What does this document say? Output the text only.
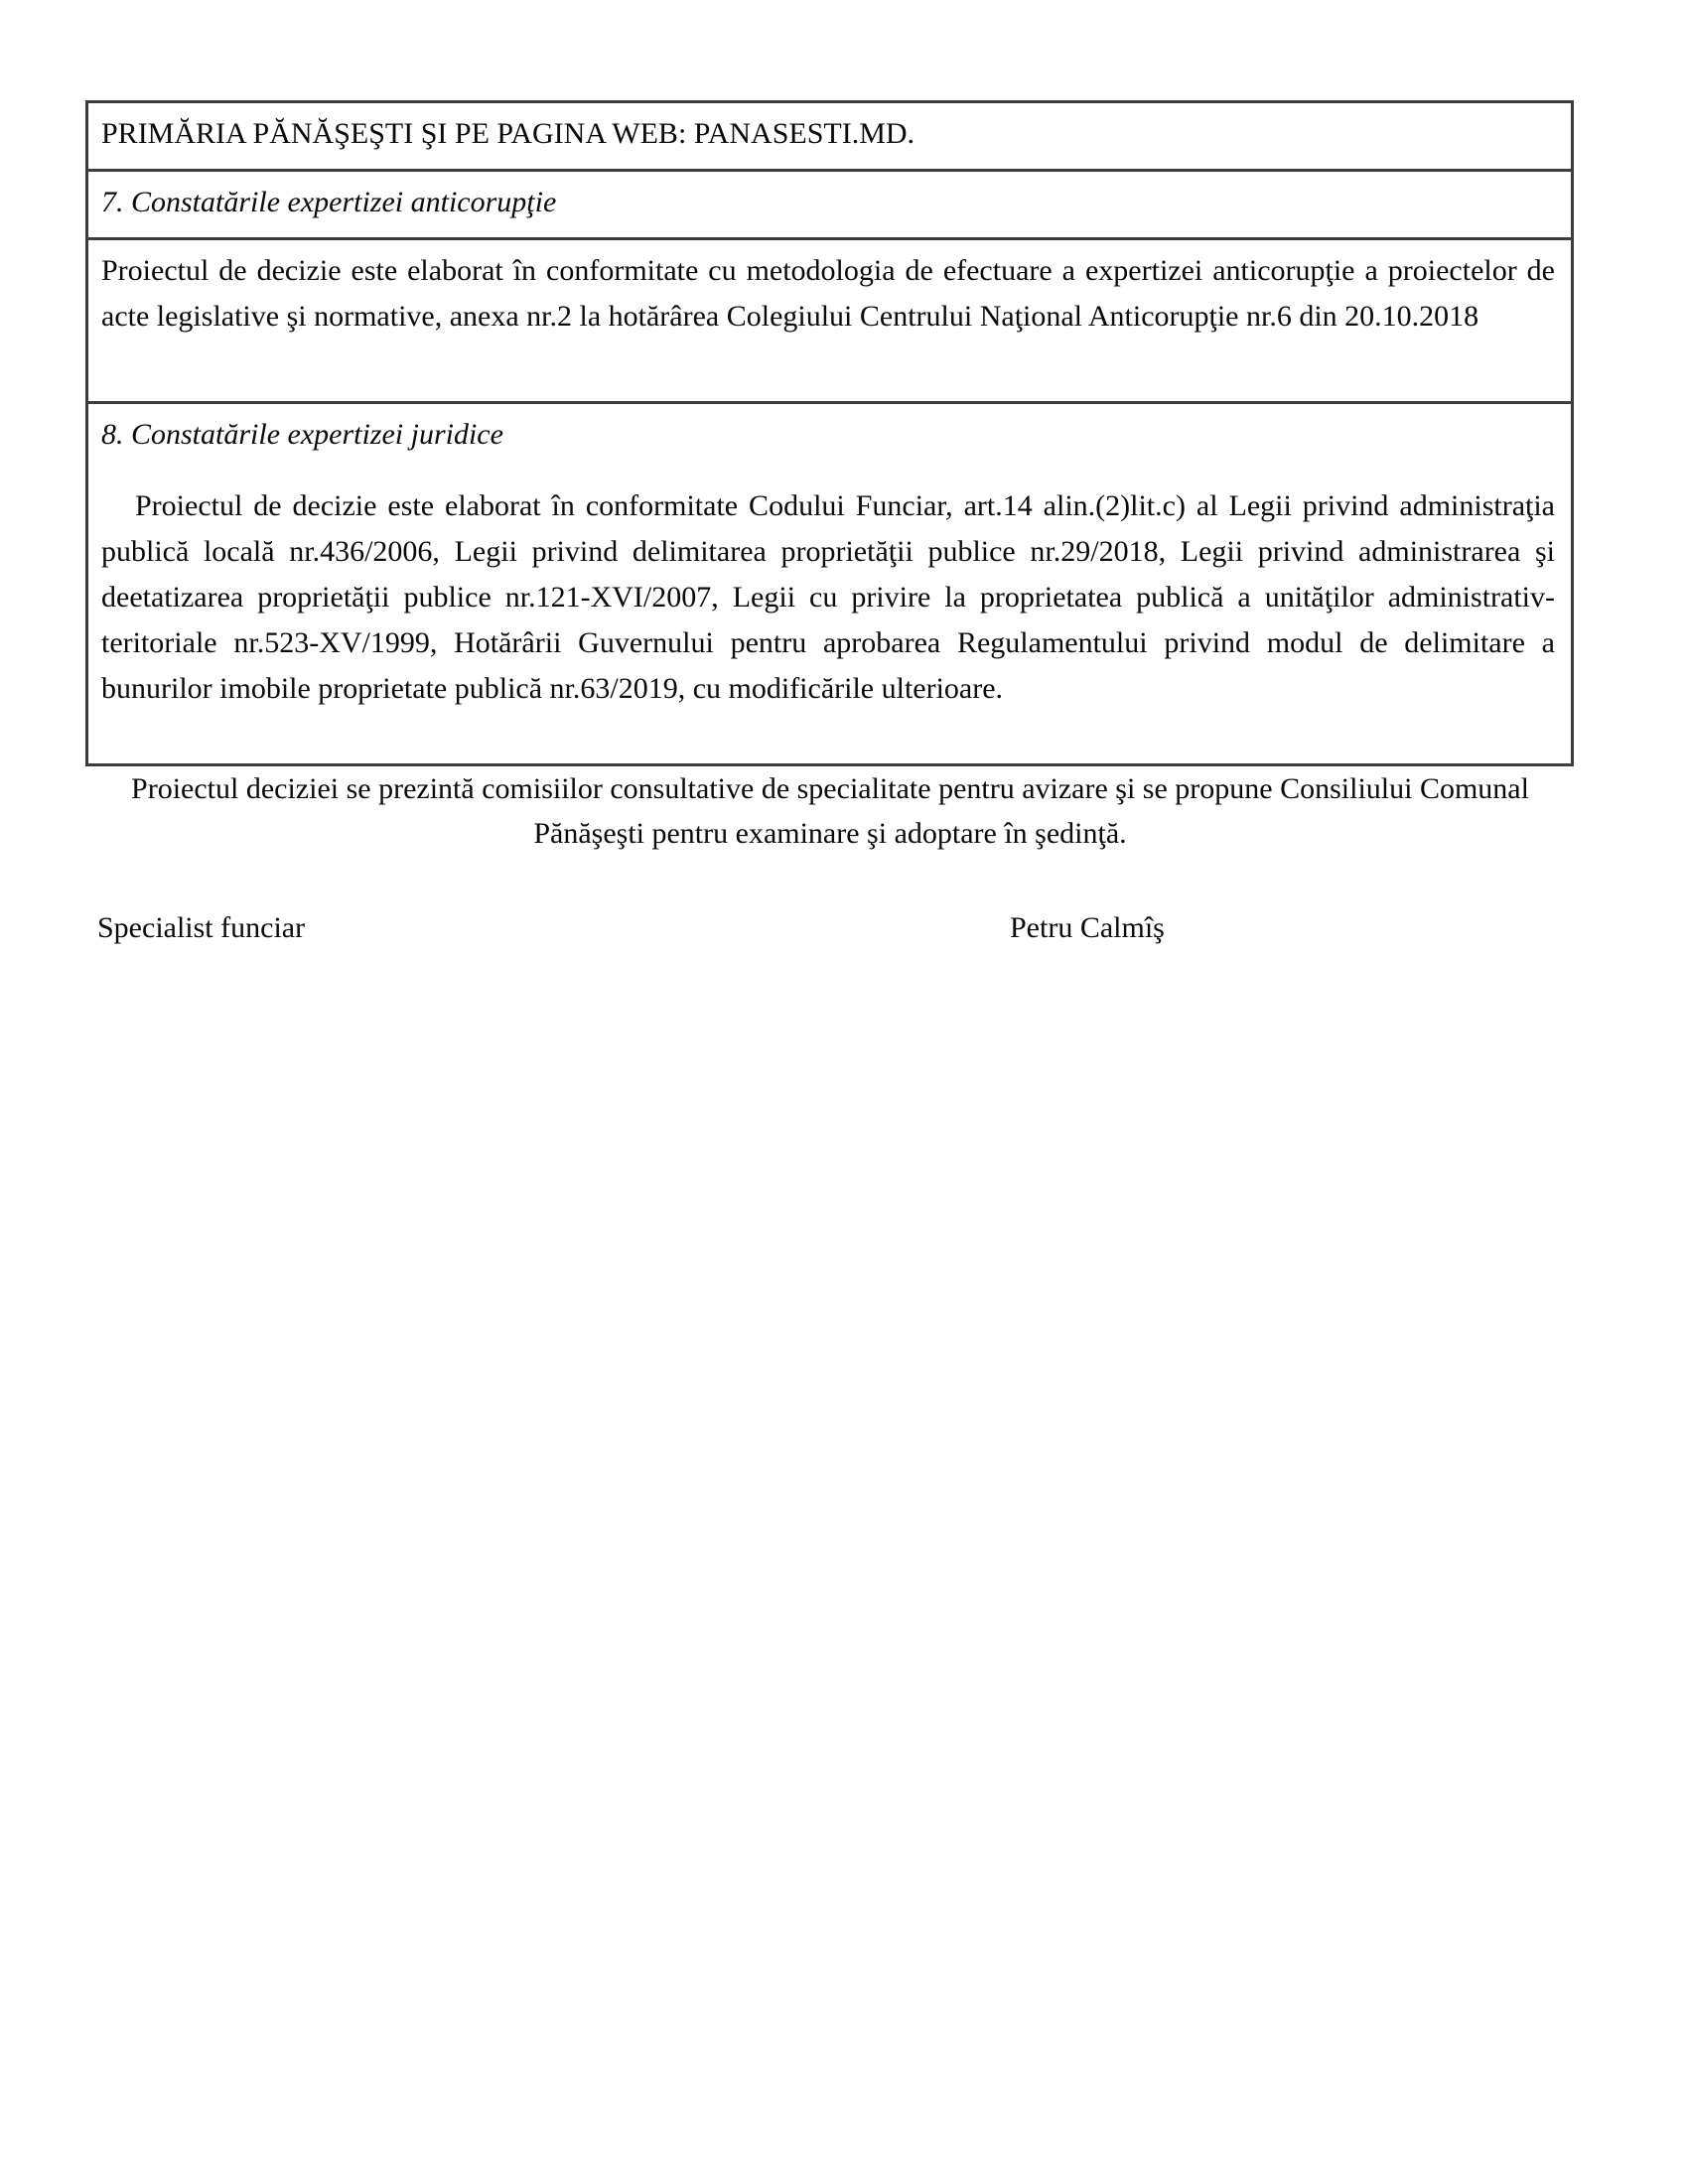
PRIMĂRIA PĂNĂŞEŞTI ŞI PE PAGINA WEB: PANASESTI.MD.
7. Constatările expertizei anticorupţie
Proiectul de decizie este elaborat în conformitate cu metodologia de efectuare a expertizei anticorupţie a proiectelor de acte legislative şi normative, anexa nr.2 la hotărârea Colegiului Centrului Naţional Anticorupţie nr.6 din 20.10.2018

8. Constatările expertizei juridice

Proiectul de decizie este elaborat în conformitate Codului Funciar, art.14 alin.(2)lit.c) al Legii privind administraţia publică locală nr.436/2006, Legii privind delimitarea proprietăţii publice nr.29/2018, Legii privind administrarea şi deetatizarea proprietăţii publice nr.121-XVI/2007, Legii cu privire la proprietatea publică a unităţilor administrativ-teritoriale nr.523-XV/1999, Hotărârii Guvernului pentru aprobarea Regulamentului privind modul de delimitare a bunurilor imobile proprietate publică nr.63/2019, cu modificările ulterioare.

Proiectul deciziei se prezintă comisiilor consultative de specialitate pentru avizare şi se propune Consiliului Comunal Pănăşeşti pentru examinare şi adoptare în şedinţă.

Specialist funciar	Petru Calmîş
